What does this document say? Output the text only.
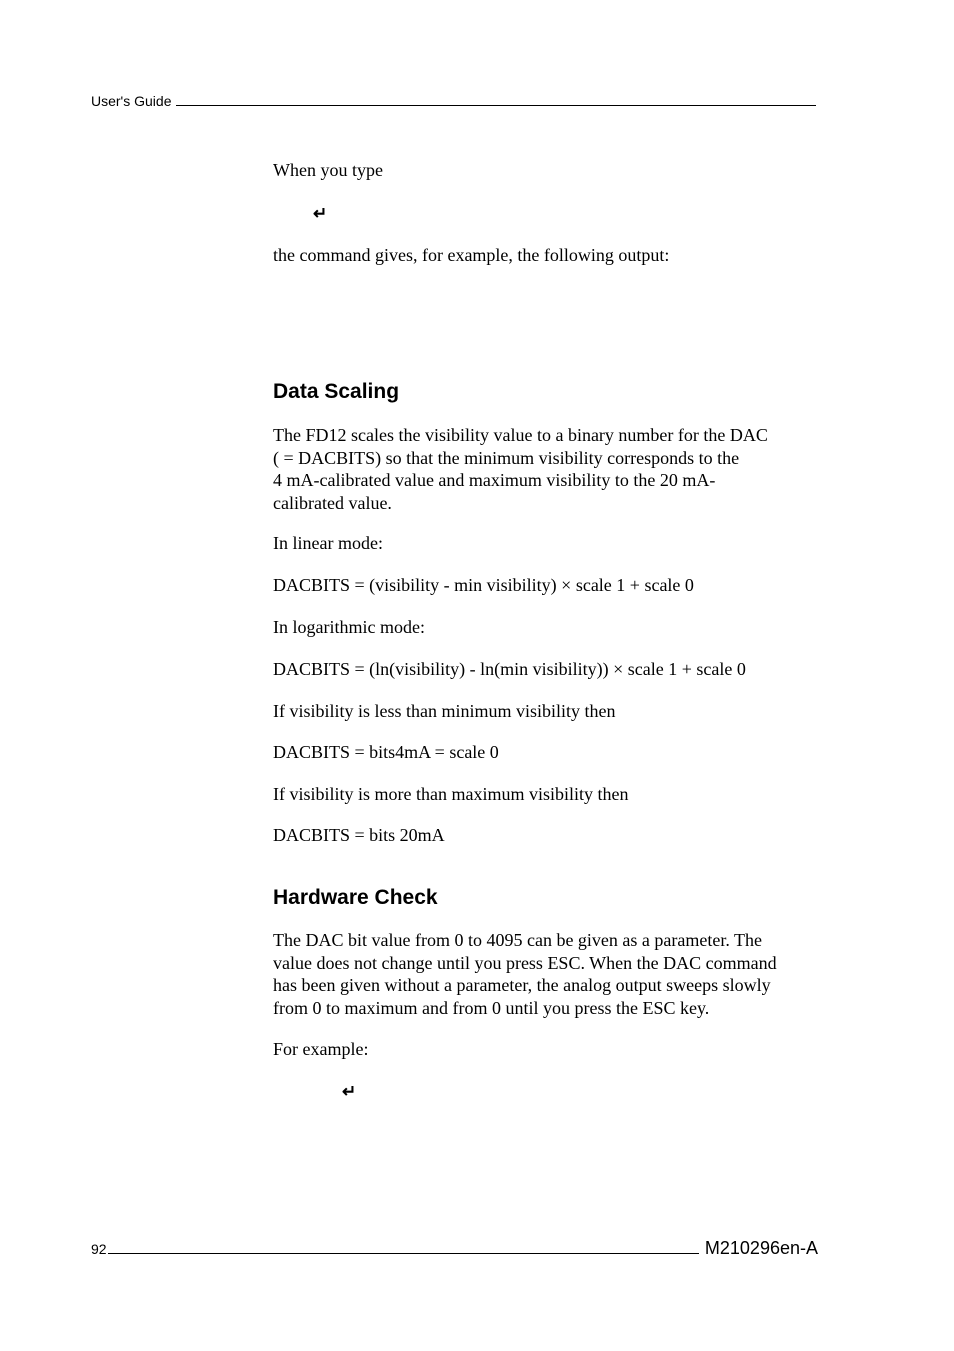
User's Guide

When you type

↵

the command gives, for example, the following output:

Data Scaling
The FD12 scales the visibility value to a binary number for the DAC
( = DACBITS) so that the minimum visibility corresponds to the
4 mA-calibrated value and maximum visibility to the 20 mA-
calibrated value.

In linear mode:

DACBITS = (visibility - min visibility) × scale 1 + scale 0

In logarithmic mode:

DACBITS = (ln(visibility) - ln(min visibility)) × scale 1 + scale 0

If visibility is less than minimum visibility then

DACBITS = bits4mA = scale 0

If visibility is more than maximum visibility then

DACBITS = bits 20mA

Hardware Check
The DAC bit value from 0 to 4095 can be given as a parameter. The
value does not change until you press ESC. When the DAC command
has been given without a parameter, the analog output sweeps slowly
from 0 to maximum and from 0 until you press the ESC key.

For example:

↵
92	M210296en-A
